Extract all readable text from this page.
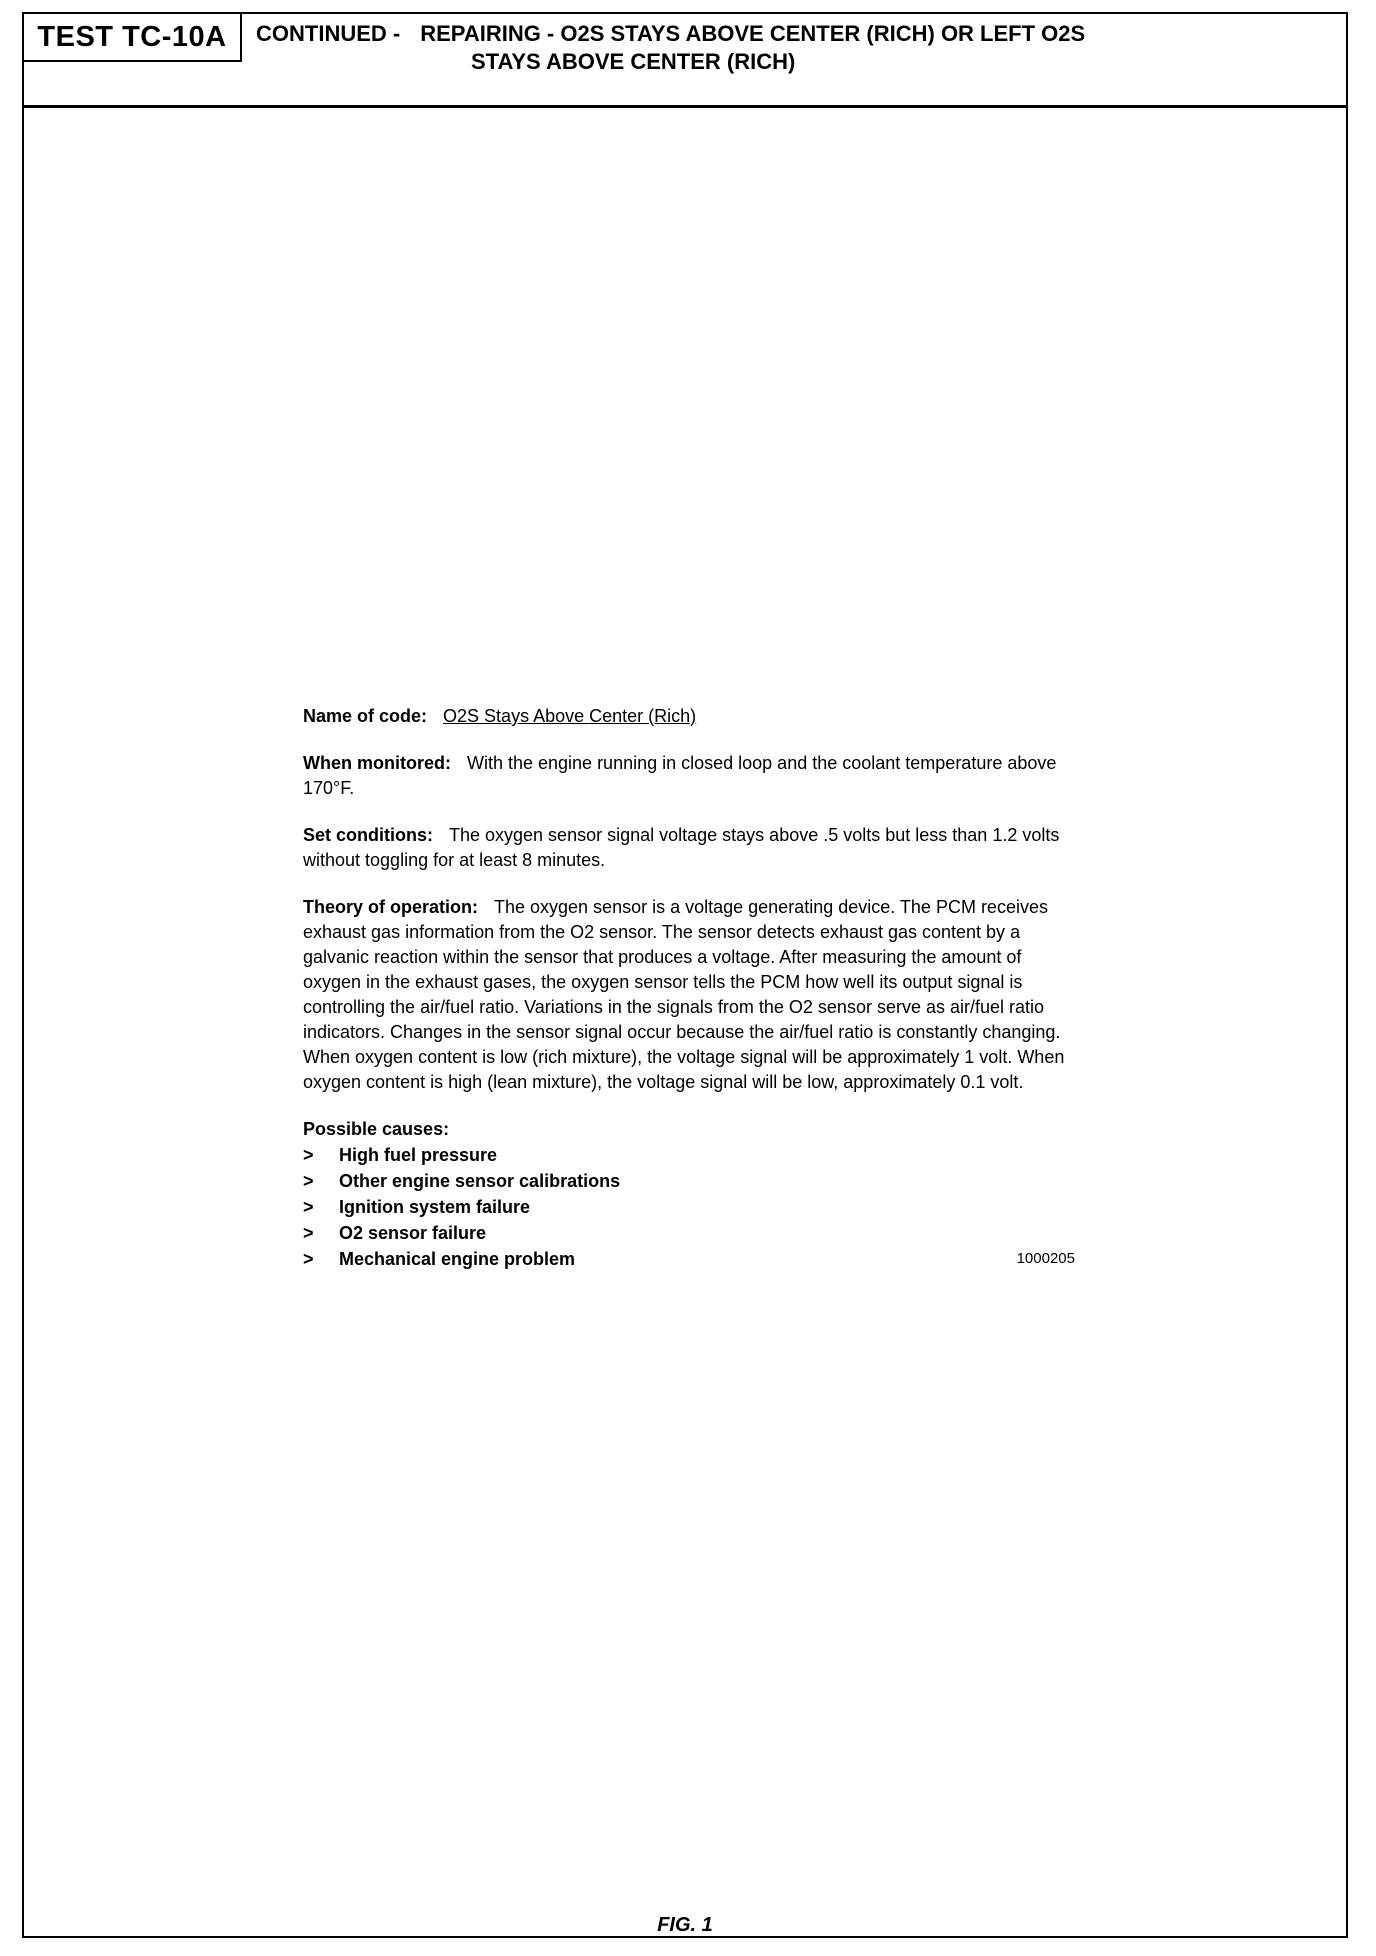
TEST TC-10A	CONTINUED - REPAIRING - O2S STAYS ABOVE CENTER (RICH) OR LEFT O2S
STAYS ABOVE CENTER (RICH)

Name of code: O2S Stays Above Center (Rich)

When monitored: With the engine running in closed loop and the coolant temperature above 170°F.

Set conditions: The oxygen sensor signal voltage stays above .5 volts but less than 1.2 volts without toggling for at least 8 minutes.

Theory of operation: The oxygen sensor is a voltage generating device. The PCM receives exhaust gas information from the O2 sensor. The sensor detects exhaust gas content by a galvanic reaction within the sensor that produces a voltage. After measuring the amount of oxygen in the exhaust gases, the oxygen sensor tells the PCM how well its output signal is controlling the air/fuel ratio. Variations in the signals from the O2 sensor serve as air/fuel ratio indicators. Changes in the sensor signal occur because the air/fuel ratio is constantly changing. When oxygen content is low (rich mixture), the voltage signal will be approximately 1 volt. When oxygen content is high (lean mixture), the voltage signal will be low, approximately 0.1 volt.

Possible causes:

> High fuel pressure
> Other engine sensor calibrations
> Ignition system failure
> O2 sensor failure
> Mechanical engine problem	1000205
FIG. 1
